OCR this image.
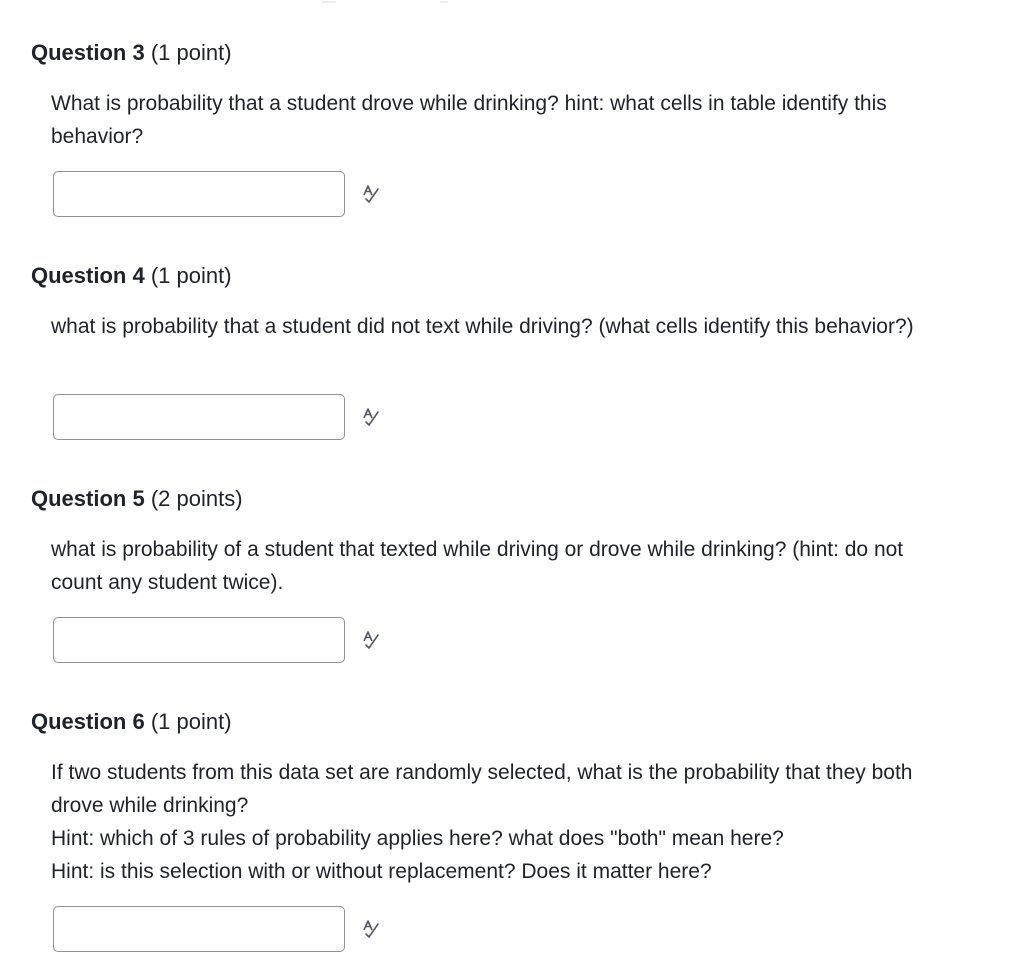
Question 3 (1 point)

What is probability that a student drove while drinking? hint: what cells in table identify this behavior?

Question 4 (1 point)

what is probability that a student did not text while driving? (what cells identify this behavior?)

Question 5 (2 points)

what is probability of a student that texted while driving or drove while drinking? (hint: do not count any student twice).

Question 6 (1 point)

If two students from this data set are randomly selected, what is the probability that they both drove while drinking?

Hint: which of 3 rules of probability applies here? what does "both" mean here?

Hint: is this selection with or without replacement? Does it matter here?
